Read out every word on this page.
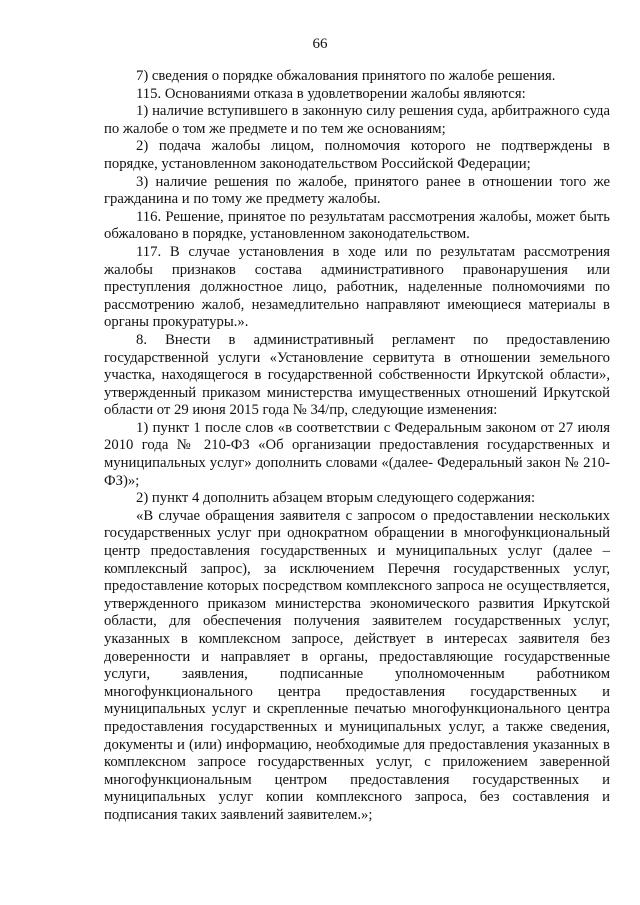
66

7) сведения о порядке обжалования принятого по жалобе решения.

115. Основаниями отказа в удовлетворении жалобы являются:

1) наличие вступившего в законную силу решения суда, арбитражного суда по жалобе о том же предмете и по тем же основаниям;

2) подача жалобы лицом, полномочия которого не подтверждены в порядке, установленном законодательством Российской Федерации;

3) наличие решения по жалобе, принятого ранее в отношении того же гражданина и по тому же предмету жалобы.

116. Решение, принятое по результатам рассмотрения жалобы, может быть обжаловано в порядке, установленном законодательством.

117. В случае установления в ходе или по результатам рассмотрения жалобы признаков состава административного правонарушения или преступления должностное лицо, работник, наделенные полномочиями по рассмотрению жалоб, незамедлительно направляют имеющиеся материалы в органы прокуратуры.».

8. Внести в административный регламент по предоставлению государственной услуги «Установление сервитута в отношении земельного участка, находящегося в государственной собственности Иркутской области», утвержденный приказом министерства имущественных отношений Иркутской области от 29 июня 2015 года № 34/пр, следующие изменения:

1) пункт 1 после слов «в соответствии с Федеральным законом от 27 июля 2010 года № 210-ФЗ «Об организации предоставления государственных и муниципальных услуг» дополнить словами «(далее- Федеральный закон № 210-ФЗ)»;

2) пункт 4 дополнить абзацем вторым следующего содержания:

«В случае обращения заявителя с запросом о предоставлении нескольких государственных услуг при однократном обращении в многофункциональный центр предоставления государственных и муниципальных услуг (далее – комплексный запрос), за исключением Перечня государственных услуг, предоставление которых посредством комплексного запроса не осуществляется, утвержденного приказом министерства экономического развития Иркутской области, для обеспечения получения заявителем государственных услуг, указанных в комплексном запросе, действует в интересах заявителя без доверенности и направляет в органы, предоставляющие государственные услуги, заявления, подписанные уполномоченным работником многофункционального центра предоставления государственных и муниципальных услуг и скрепленные печатью многофункционального центра предоставления государственных и муниципальных услуг, а также сведения, документы и (или) информацию, необходимые для предоставления указанных в комплексном запросе государственных услуг, с приложением заверенной многофункциональным центром предоставления государственных и муниципальных услуг копии комплексного запроса, без составления и подписания таких заявлений заявителем.»;
